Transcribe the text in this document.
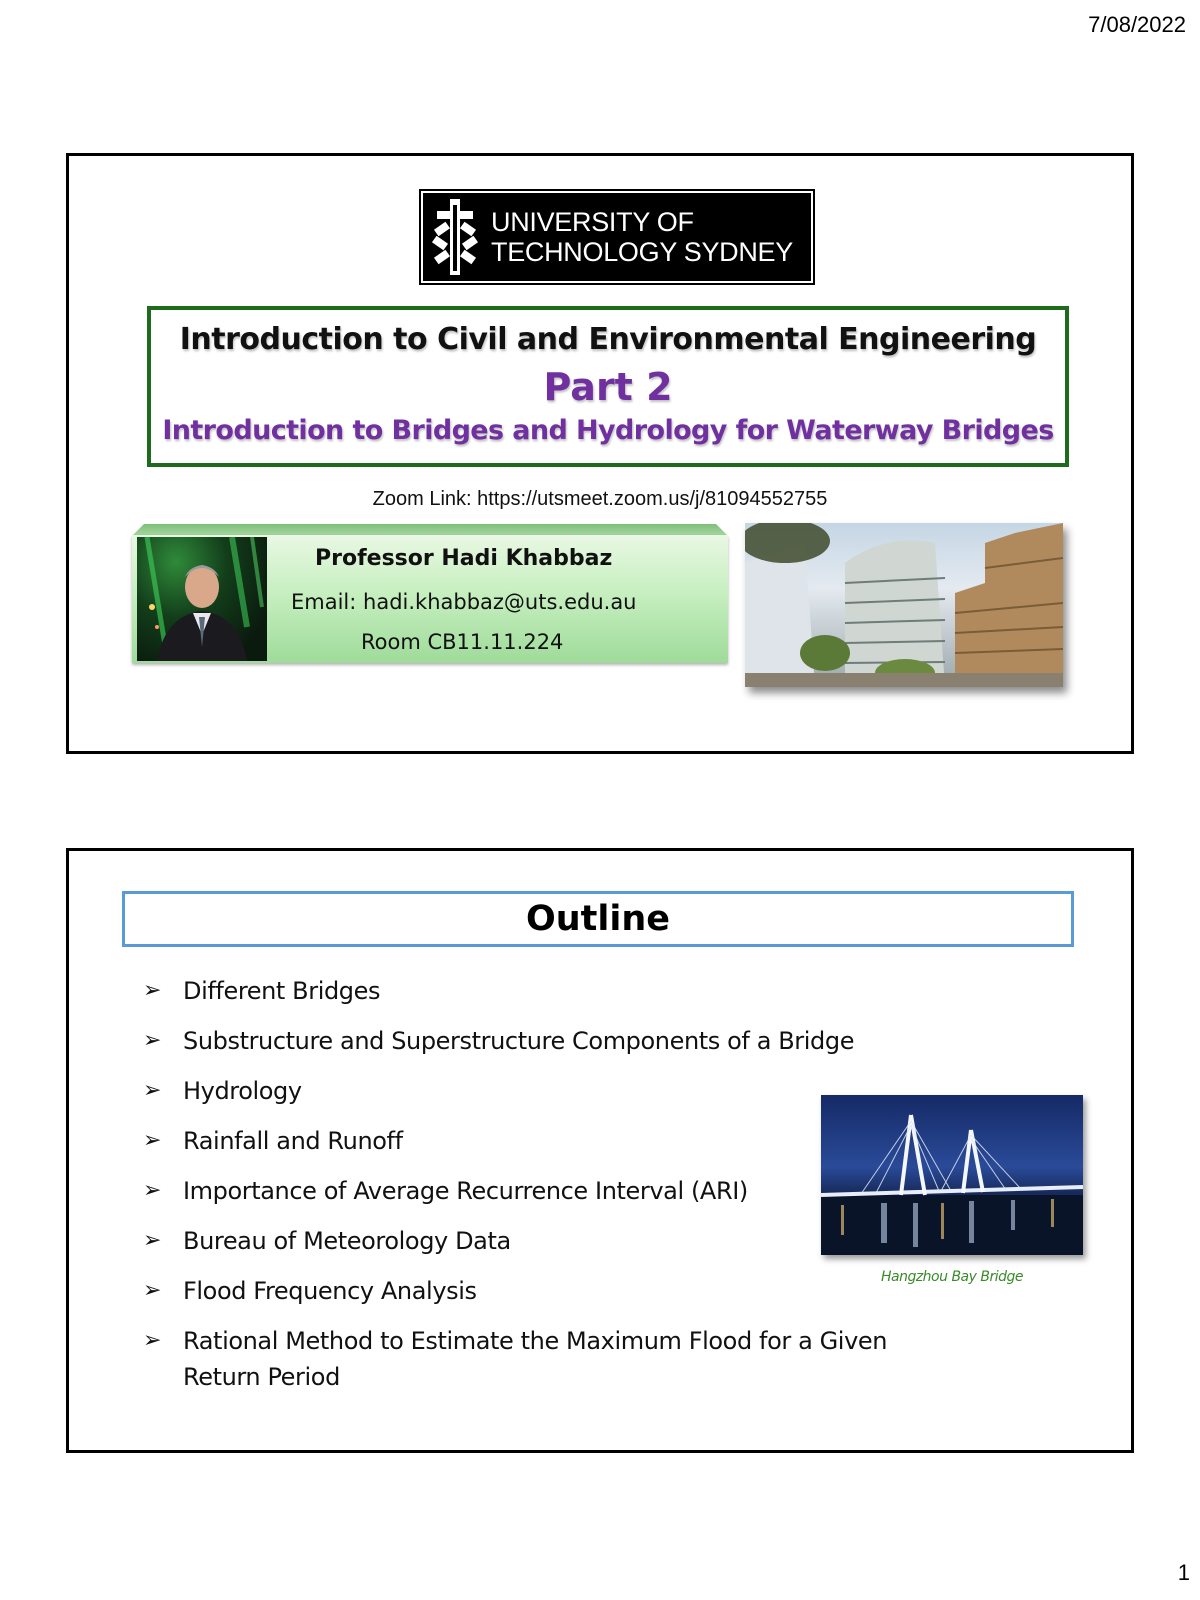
7/08/2022
UNIVERSITY OF
TECHNOLOGY SYDNEY
Introduction to Civil and Environmental Engineering
Part 2
Introduction to Bridges and Hydrology for Waterway Bridges
Zoom Link: https://utsmeet.zoom.us/j/81094552755
Professor Hadi Khabbaz
Email: hadi.khabbaz@uts.edu.au
Room CB11.11.224
Outline
➢ Different Bridges
➢ Substructure and Superstructure Components of a Bridge
➢ Hydrology
➢ Rainfall and Runoff
➢ Importance of Average Recurrence Interval (ARI)
➢ Bureau of Meteorology Data
➢ Flood Frequency Analysis
➢ Rational Method to Estimate the Maximum Flood for a Given Return Period
Hangzhou Bay Bridge
1
